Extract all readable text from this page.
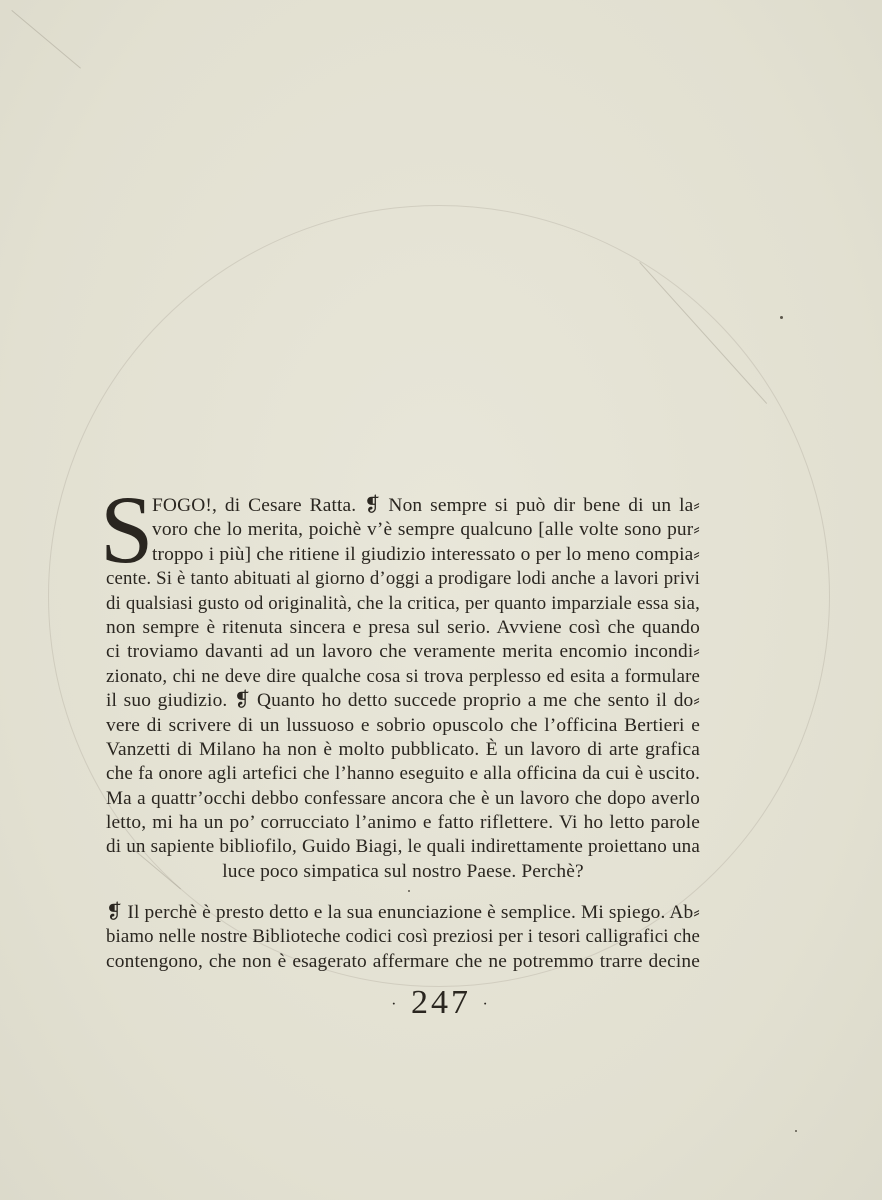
S
FOGO!, di Cesare Ratta. ❡ Non sempre si può dir bene di un la⸗
voro che lo merita, poichè v’è sempre qualcuno [alle volte sono pur⸗
troppo i più] che ritiene il giudizio interessato o per lo meno compia⸗
cente. Si è tanto abituati al giorno d’oggi a prodigare lodi anche a lavori privi
di qualsiasi gusto od originalità, che la critica, per quanto imparziale essa sia,
non sempre è ritenuta sincera e presa sul serio. Avviene così che quando
ci troviamo davanti ad un lavoro che veramente merita encomio incondi⸗
zionato, chi ne deve dire qualche cosa si trova perplesso ed esita a formulare
il suo giudizio. ❡ Quanto ho detto succede proprio a me che sento il do⸗
vere di scrivere di un lussuoso e sobrio opuscolo che l’officina Bertieri e
Vanzetti di Milano ha non è molto pubblicato. È un lavoro di arte grafica
che fa onore agli artefici che l’hanno eseguito e alla officina da cui è uscito.
Ma a quattr’occhi debbo confessare ancora che è un lavoro che dopo averlo
letto, mi ha un po’ corrucciato l’animo e fatto riflettere. Vi ho letto parole
di un sapiente bibliofilo, Guido Biagi, le quali indirettamente proiettano una
luce poco simpatica sul nostro Paese. Perchè?
❡ Il perchè è presto detto e la sua enunciazione è semplice. Mi spiego. Ab⸗
biamo nelle nostre Biblioteche codici così preziosi per i tesori calligrafici che
contengono, che non è esagerato affermare che ne potremmo trarre decine
· 247 ·
